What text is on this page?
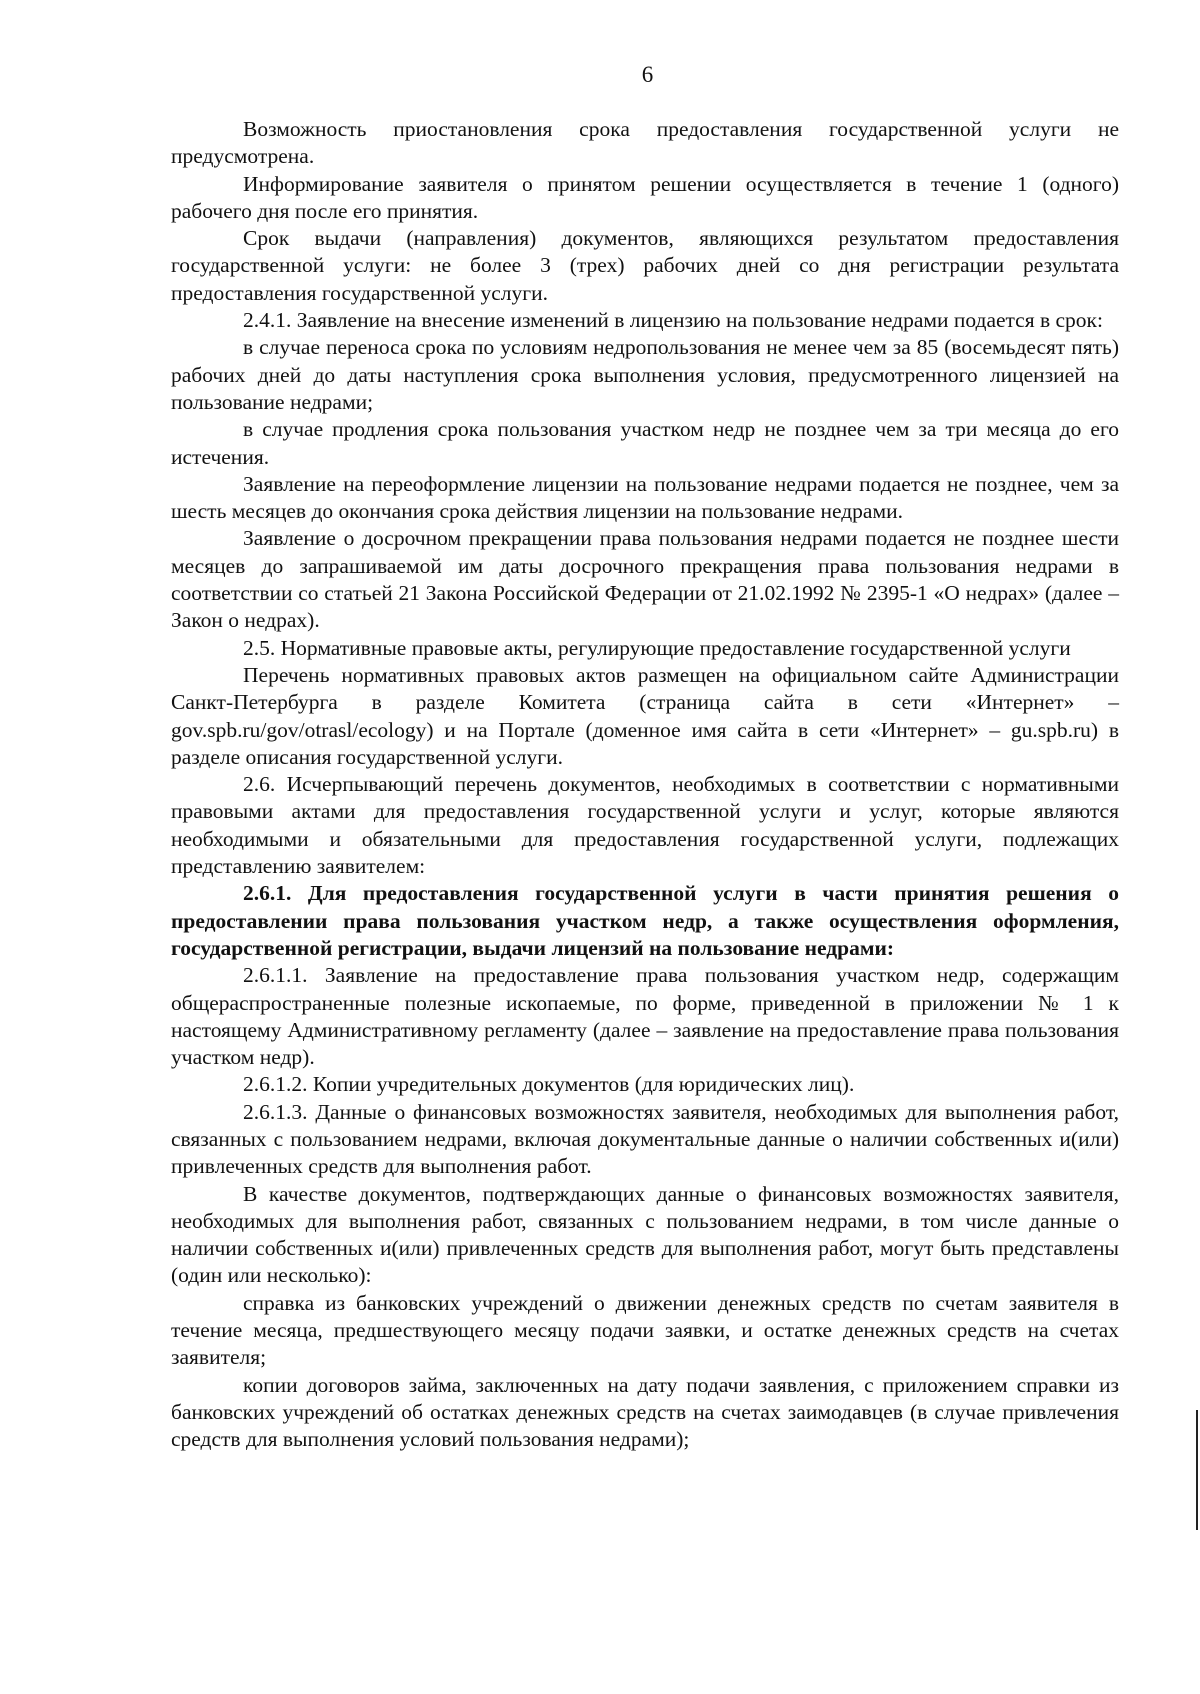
6

Возможность приостановления срока предоставления государственной услуги не предусмотрена.

Информирование заявителя о принятом решении осуществляется в течение 1 (одного) рабочего дня после его принятия.

Срок выдачи (направления) документов, являющихся результатом предоставления государственной услуги: не более 3 (трех) рабочих дней со дня регистрации результата предоставления государственной услуги.

2.4.1. Заявление на внесение изменений в лицензию на пользование недрами подается в срок:

в случае переноса срока по условиям недропользования не менее чем за 85 (восемьдесят пять) рабочих дней до даты наступления срока выполнения условия, предусмотренного лицензией на пользование недрами;

в случае продления срока пользования участком недр не позднее чем за три месяца до его истечения.

Заявление на переоформление лицензии на пользование недрами подается не позднее, чем за шесть месяцев до окончания срока действия лицензии на пользование недрами.

Заявление о досрочном прекращении права пользования недрами подается не позднее шести месяцев до запрашиваемой им даты досрочного прекращения права пользования недрами в соответствии со статьей 21 Закона Российской Федерации от 21.02.1992 № 2395-1 «О недрах» (далее – Закон о недрах).

2.5. Нормативные правовые акты, регулирующие предоставление государственной услуги

Перечень нормативных правовых актов размещен на официальном сайте Администрации Санкт-Петербурга в разделе Комитета (страница сайта в сети «Интернет» – gov.spb.ru/gov/otrasl/ecology) и на Портале (доменное имя сайта в сети «Интернет» – gu.spb.ru) в разделе описания государственной услуги.

2.6. Исчерпывающий перечень документов, необходимых в соответствии с нормативными правовыми актами для предоставления государственной услуги и услуг, которые являются необходимыми и обязательными для предоставления государственной услуги, подлежащих представлению заявителем:

2.6.1. Для предоставления государственной услуги в части принятия решения о предоставлении права пользования участком недр, а также осуществления оформления, государственной регистрации, выдачи лицензий на пользование недрами:

2.6.1.1. Заявление на предоставление права пользования участком недр, содержащим общераспространенные полезные ископаемые, по форме, приведенной в приложении № 1 к настоящему Административному регламенту (далее – заявление на предоставление права пользования участком недр).

2.6.1.2. Копии учредительных документов (для юридических лиц).

2.6.1.3. Данные о финансовых возможностях заявителя, необходимых для выполнения работ, связанных с пользованием недрами, включая документальные данные о наличии собственных и(или) привлеченных средств для выполнения работ.

В качестве документов, подтверждающих данные о финансовых возможностях заявителя, необходимых для выполнения работ, связанных с пользованием недрами, в том числе данные о наличии собственных и(или) привлеченных средств для выполнения работ, могут быть представлены (один или несколько):

справка из банковских учреждений о движении денежных средств по счетам заявителя в течение месяца, предшествующего месяцу подачи заявки, и остатке денежных средств на счетах заявителя;

копии договоров займа, заключенных на дату подачи заявления, с приложением справки из банковских учреждений об остатках денежных средств на счетах заимодавцев (в случае привлечения средств для выполнения условий пользования недрами);
